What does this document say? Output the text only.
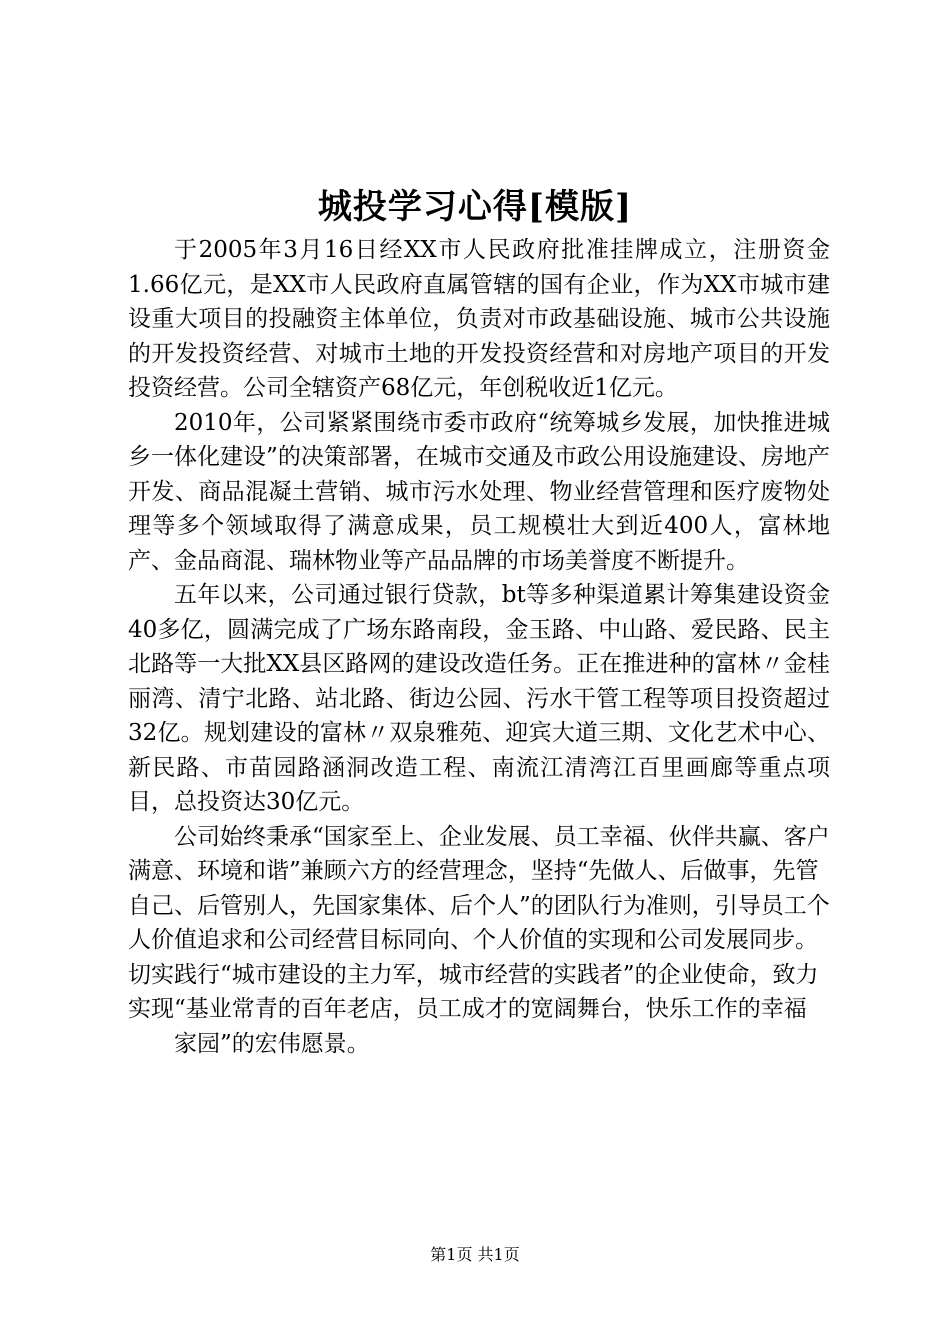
城投学习心得[模版]

于2005年3月16日经XX市人民政府批准挂牌成立，注册资金1.66亿元，是XX市人民政府直属管辖的国有企业，作为XX市城市建设重大项目的投融资主体单位，负责对市政基础设施、城市公共设施的开发投资经营、对城市土地的开发投资经营和对房地产项目的开发投资经营。公司全辖资产68亿元，年创税收近1亿元。

2010年，公司紧紧围绕市委市政府“统筹城乡发展，加快推进城乡一体化建设”的决策部署，在城市交通及市政公用设施建设、房地产开发、商品混凝土营销、城市污水处理、物业经营管理和医疗废物处理等多个领域取得了满意成果，员工规模壮大到近400人，富林地产、金品商混、瑞林物业等产品品牌的市场美誉度不断提升。

五年以来，公司通过银行贷款，bt等多种渠道累计筹集建设资金40多亿，圆满完成了广场东路南段，金玉路、中山路、爱民路、民主北路等一大批XX县区路网的建设改造任务。正在推进种的富林〃金桂丽湾、清宁北路、站北路、街边公园、污水干管工程等项目投资超过32亿。规划建设的富林〃双泉雅苑、迎宾大道三期、文化艺术中心、新民路、市苗园路涵洞改造工程、南流江清湾江百里画廊等重点项目，总投资达30亿元。

公司始终秉承“国家至上、企业发展、员工幸福、伙伴共赢、客户满意、环境和谐”兼顾六方的经营理念，坚持“先做人、后做事，先管自己、后管别人，先国家集体、后个人”的团队行为准则，引导员工个人价值追求和公司经营目标同向、个人价值的实现和公司发展同步。切实践行“城市建设的主力军，城市经营的实践者”的企业使命，致力实现“基业常青的百年老店，员工成才的宽阔舞台，快乐工作的幸福

家园”的宏伟愿景。

第1页 共1页
